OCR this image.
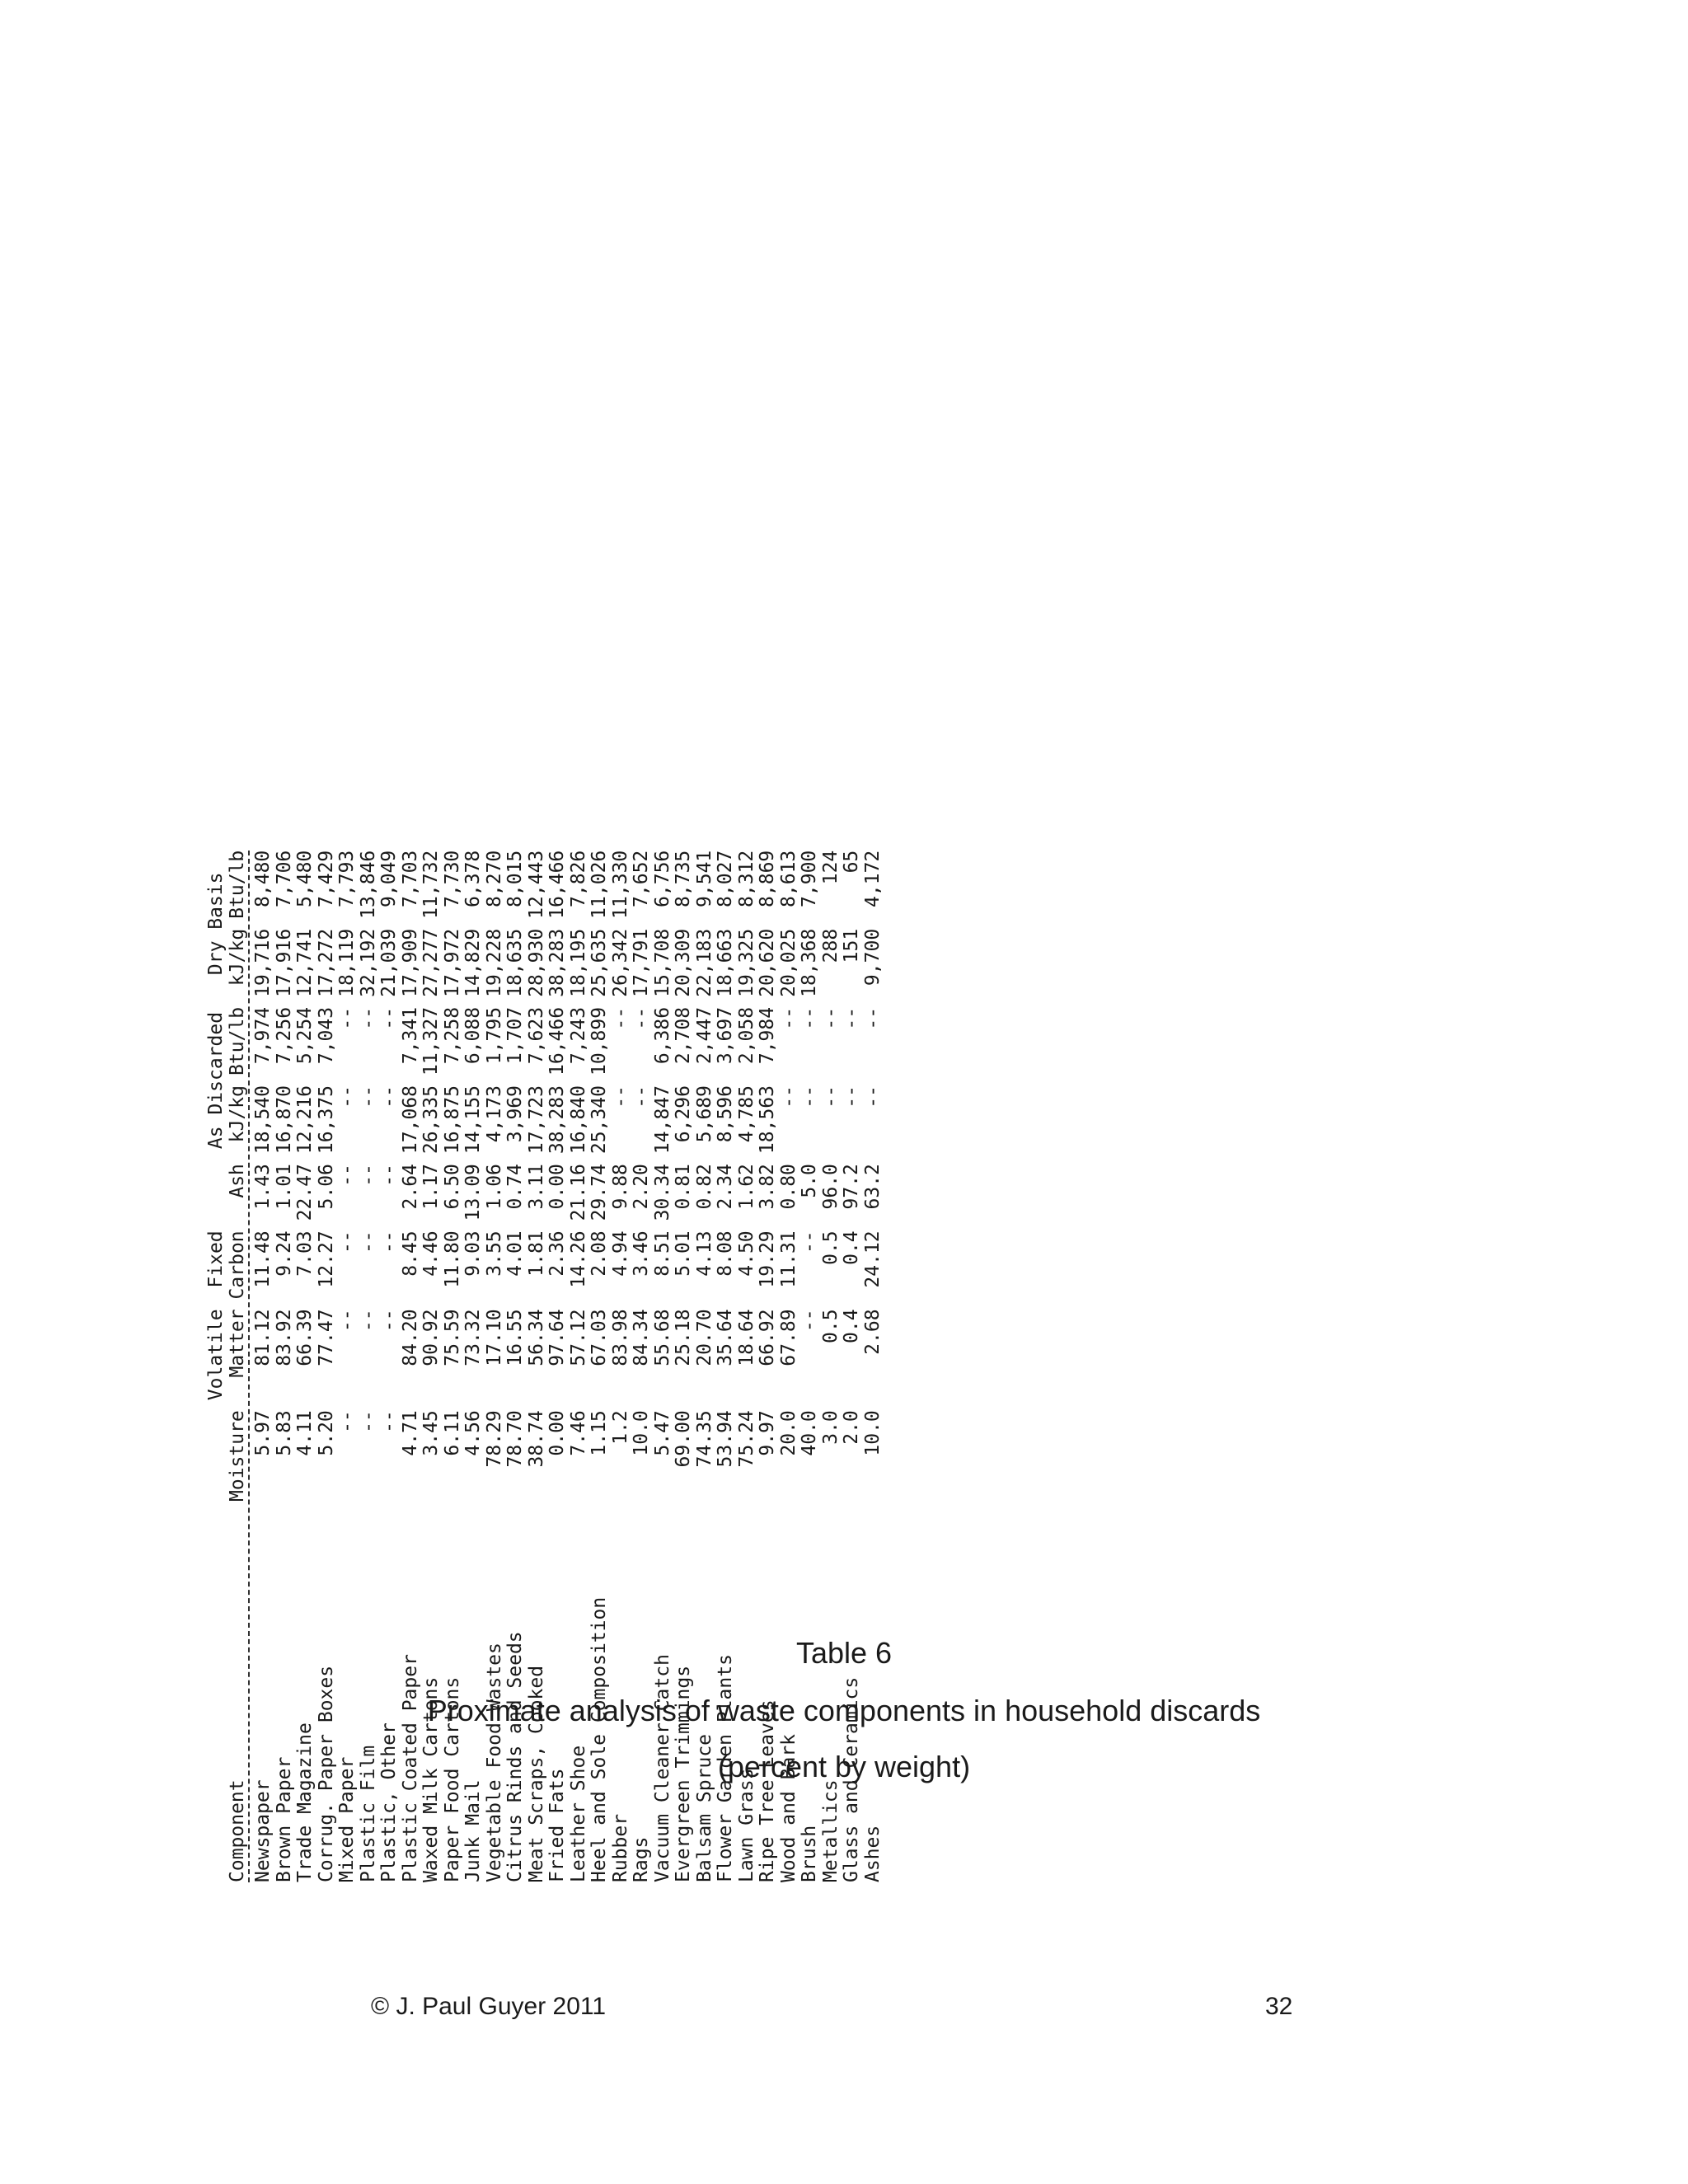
		Volatile	Fixed		As Discarded		Dry Basis	
Component	Moisture	Matter	Carbon	Ash	kJ/kg	Btu/lb	kJ/kg	Btu/lb

Newspaper	5.97	81.12	11.48	1.43	18,540	7,974	19,716	8,480
Brown Paper	5.83	83.92	9.24	1.01	16,870	7,256	17,916	7,706
Trade Magazine	4.11	66.39	7.03	22.47	12,216	5,254	12,741	5,480
Corrug. Paper Boxes	5.20	77.47	12.27	5.06	16,375	7,043	17,272	7,429
Mixed Paper	--	--	--	--	--	--	18,119	7,793
Plastic Film	--	--	--	--	--	--	32,192	13,846
Plastic, Other	--	--	--	--	--	--	21,039	9,049
Plastic Coated Paper	4.71	84.20	8.45	2.64	17,068	7,341	17,909	7,703
Waxed Milk Cartons	3.45	90.92	4.46	1.17	26,335	11,327	27,277	11,732
Paper Food Cartons	6.11	75.59	11.80	6.50	16,875	7,258	17,972	7,730
Junk Mail	4.56	73.32	9.03	13.09	14,155	6,088	14,829	6,378
Vegetable Food Wastes	78.29	17.10	3.55	1.06	4,173	1,795	19,228	8,270
Citrus Rinds and Seeds	78.70	16.55	4.01	0.74	3,969	1,707	18,635	8,015
Meat Scraps, Cooked	38.74	56.34	1.81	3.11	17,723	7,623	28,930	12,443
Fried Fats	0.00	97.64	2.36	0.00	38,283	16,466	38,283	16,466
Leather Shoe	7.46	57.12	14.26	21.16	16,840	7,243	18,195	7,826
Heel and Sole Composition	1.15	67.03	2.08	29.74	25,340	10,899	25,635	11,026
Rubber	1.2	83.98	4.94	9.88	--	--	26,342	11,330
Rags	10.0	84.34	3.46	2.20	--	--	17,791	7,652
Vacuum Cleaner Catch	5.47	55.68	8.51	30.34	14,847	6,386	15,708	6,756
Evergreen Trimmings	69.00	25.18	5.01	0.81	6,296	2,708	20,309	8,735
Balsam Spruce	74.35	20.70	4.13	0.82	5,689	2,447	22,183	9,541
Flower Garden Plants	53.94	35.64	8.08	2.34	8,596	3,697	18,663	8,027
Lawn Grass	75.24	18.64	4.50	1.62	4,785	2,058	19,325	8,312
Ripe Tree Leaves	9.97	66.92	19.29	3.82	18,563	7,984	20,620	8,869
Wood and Bark	20.0	67.89	11.31	0.80	--	--	20,025	8,613
Brush	40.0	--	--	5.0	--	--	18,368	7,900
Metallics	3.0	0.5	0.5	96.0	--	--	288	124
Glass and Ceramics	2.0	0.4	0.4	97.2	--	--	151	65
Ashes	10.0	2.68	24.12	63.2	--	--	9,700	4,172
Table 6
Proximate analysis of waste components in household discards
(percent by weight)
© J. Paul Guyer 2011	32
